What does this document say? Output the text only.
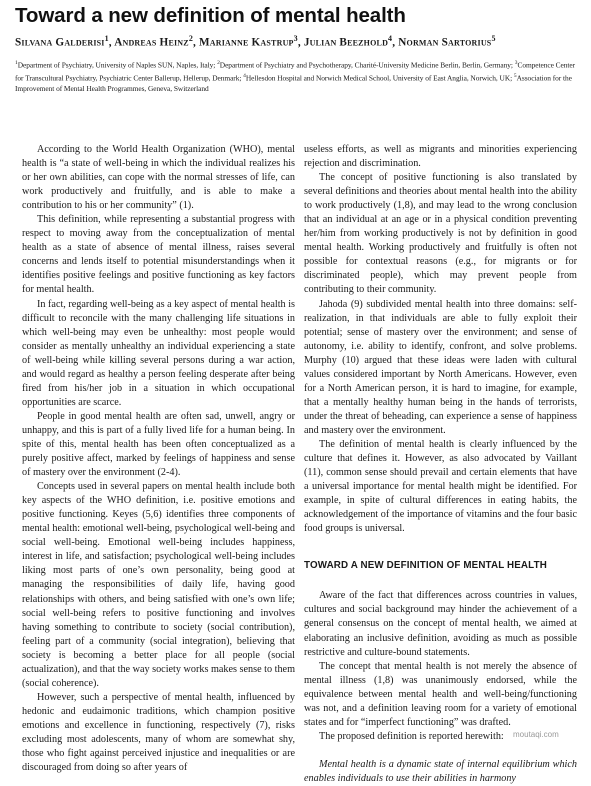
Toward a new definition of mental health
Silvana Galderisi$^1$, Andreas Heinz$^2$, Marianne Kastrup$^3$, Julian Beezhold$^4$, Norman Sartorius$^5$
$^1$Department of Psychiatry, University of Naples SUN, Naples, Italy; $^2$Department of Psychiatry and Psychotherapy, Charité-University Medicine Berlin, Berlin, Germany; $^3$Competence Center for Transcultural Psychiatry, Psychiatric Center Ballerup, Hellerup, Denmark; $^4$Hellesdon Hospital and Norwich Medical School, University of East Anglia, Norwich, UK; $^5$Association for the Improvement of Mental Health Programmes, Geneva, Switzerland

According to the World Health Organization (WHO), mental health is “a state of well-being in which the individual realizes his or her own abilities, can cope with the normal stresses of life, can work productively and fruitfully, and is able to make a contribution to his or her community” (1).

This definition, while representing a substantial progress with respect to moving away from the conceptualization of mental health as a state of absence of mental illness, raises several concerns and lends itself to potential misunderstandings when it identifies positive feelings and positive functioning as key factors for mental health.

In fact, regarding well-being as a key aspect of mental health is difficult to reconcile with the many challenging life situations in which well-being may even be unhealthy: most people would consider as mentally unhealthy an individual experiencing a state of well-being while killing several persons during a war action, and would regard as healthy a person feeling desperate after being fired from his/her job in a situation in which occupational opportunities are scarce.

People in good mental health are often sad, unwell, angry or unhappy, and this is part of a fully lived life for a human being. In spite of this, mental health has been often conceptualized as a purely positive affect, marked by feelings of happiness and sense of mastery over the environment (2-4).

Concepts used in several papers on mental health include both key aspects of the WHO definition, i.e. positive emotions and positive functioning. Keyes (5,6) identifies three components of mental health: emotional well-being, psychological well-being and social well-being. Emotional well-being includes happiness, interest in life, and satisfaction; psychological well-being includes liking most parts of one’s own personality, being good at managing the responsibilities of daily life, having good relationships with others, and being satisfied with one’s own life; social well-being refers to positive functioning and involves having something to contribute to society (social contribution), feeling part of a community (social integration), believing that society is becoming a better place for all people (social actualization), and that the way society works makes sense to them (social coherence).

However, such a perspective of mental health, influenced by hedonic and eudaimonic traditions, which champion positive emotions and excellence in functioning, respectively (7), risks excluding most adolescents, many of whom are somewhat shy, those who fight against perceived injustice and inequalities or are discouraged from doing so after years of

useless efforts, as well as migrants and minorities experiencing rejection and discrimination.

The concept of positive functioning is also translated by several definitions and theories about mental health into the ability to work productively (1,8), and may lead to the wrong conclusion that an individual at an age or in a physical condition preventing her/him from working productively is not by definition in good mental health. Working productively and fruitfully is often not possible for contextual reasons (e.g., for migrants or for discriminated people), which may prevent people from contributing to their community.

Jahoda (9) subdivided mental health into three domains: self-realization, in that individuals are able to fully exploit their potential; sense of mastery over the environment; and sense of autonomy, i.e. ability to identify, confront, and solve problems. Murphy (10) argued that these ideas were laden with cultural values considered important by North Americans. However, even for a North American person, it is hard to imagine, for example, that a mentally healthy human being in the hands of terrorists, under the threat of beheading, can experience a sense of happiness and mastery over the environment.

The definition of mental health is clearly influenced by the culture that defines it. However, as also advocated by Vaillant (11), common sense should prevail and certain elements that have a universal importance for mental health might be identified. For example, in spite of cultural differences in eating habits, the acknowledgement of the importance of vitamins and the four basic food groups is universal.

TOWARD A NEW DEFINITION OF MENTAL HEALTH

Aware of the fact that differences across countries in values, cultures and social background may hinder the achievement of a general consensus on the concept of mental health, we aimed at elaborating an inclusive definition, avoiding as much as possible restrictive and culture-bound statements.

The concept that mental health is not merely the absence of mental illness (1,8) was unanimously endorsed, while the equivalence between mental health and well-being/functioning was not, and a definition leaving room for a variety of emotional states and for “imperfect functioning” was drafted.

The proposed definition is reported herewith:

Mental health is a dynamic state of internal equilibrium which enables individuals to use their abilities in harmony

moutaqi.com
